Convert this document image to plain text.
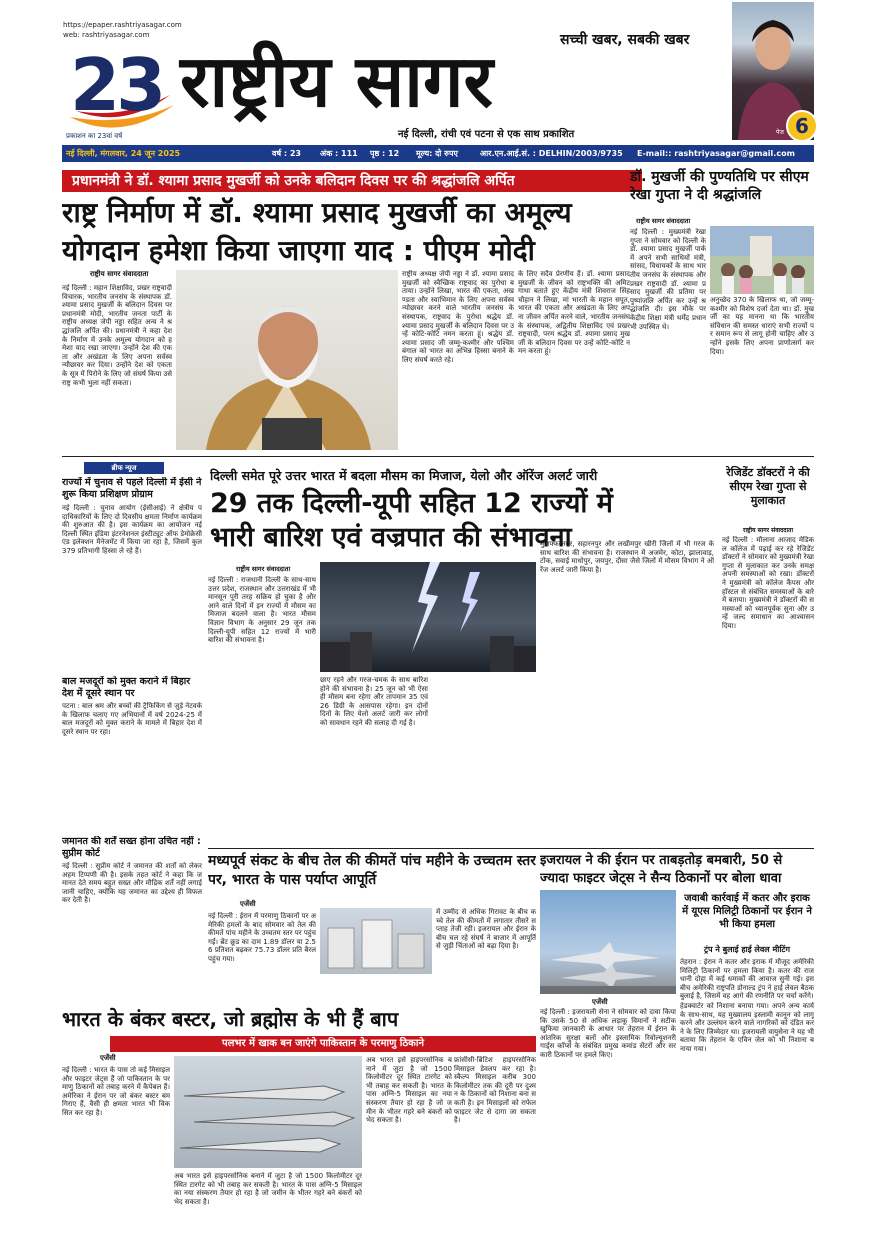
https://epaper.rashtriyasagar.com
web: rashtriyasagar.com
23
प्रकाशन का 23वां वर्ष
सच्ची खबर, सबकी खबर
राष्ट्रीय सागर
नई दिल्ली, रांची एवं पटना से एक साथ प्रकाशित	पेज 6
नई दिल्ली, मंगलवार, 24 जून 2025	वर्ष : 23 अंक : 111 पृष्ठ : 12 मूल्य: दो रुपए	आर.एन.आई.सं. : DELHIN/2003/9735 E-mail:: rashtriyasagar@gmail.com
प्रधानमंत्री ने डॉ. श्यामा प्रसाद मुखर्जी को उनके बलिदान दिवस पर की श्रद्धांजलि अर्पित
राष्ट्र निर्माण में डॉ. श्यामा प्रसाद मुखर्जी का अमूल्य
योगदान हमेशा किया जाएगा याद : पीएम मोदी
राष्ट्रीय सागर संवाददाता
नई दिल्ली : महान शिक्षाविद, प्रखर राष्ट्रवादी विचारक, भारतीय जनसंघ के संस्थापक डॉ. श्यामा प्रसाद मुखर्जी के बलिदान दिवस पर प्रधानमंत्री मोदी, भारतीय जनता पार्टी के राष्ट्रीय अध्यक्ष जेपी नड्डा सहित अन्य ने श्रद्धांजलि अर्पित की। प्रधानमंत्री ने कहा देश के निर्माण में उनके अमूल्य योगदान को हमेशा याद रखा जाएगा। उन्होंने देश की एकता और अखंडता के लिए अपना सर्वस्व न्यौछावर कर दिया। उन्होंने देश को एकता के सूत्र में पिरोने के लिए जो संघर्ष किया उसे राष्ट्र कभी भुला नहीं सकता।
राष्ट्रीय अध्यक्ष जेपी नड्डा ने डॉ. श्यामा प्रसाद मुखर्जी को स्वैच्छिक राष्ट्रवाद का पुरोधा बताया। उन्होंने लिखा, भारत की एकता, अखण्डता और स्वाभिमान के लिए अपना सर्वस्व न्योछावर करने वाले भारतीय जनसंघ के संस्थापक, राष्ट्रवाद के पुरोधा श्रद्धेय डॉ. श्यामा प्रसाद मुखर्जी के बलिदान दिवस पर उन्हें कोटि-कोटि नमन करता हूं। श्रद्धेय डॉ. श्यामा प्रसाद जी जम्मू-कश्मीर और पश्चिम बंगाल को भारत का अभिन्न हिस्सा बनाने के लिए संघर्ष करते रहे।
के लिए सदैव प्रेरणीय हैं। डॉ. श्यामा प्रसाद मुखर्जी के जीवन को राष्ट्रभक्ति की अमिट गाथा बताते हुए केंद्रीय मंत्री शिवराज सिंह चौहान ने लिखा, मां भारती के महान सपूत, भारत की एकता और अखंडता के लिए अपना जीवन अर्पित करने वाले, भारतीय जनसंघ के संस्थापक, अद्वितीय शिक्षाविद एवं प्रखर राष्ट्रवादी, परम श्रद्धेय डॉ. श्यामा प्रसाद मुखर्जी के बलिदान दिवस पर उन्हें कोटि-कोटि नमन करता हूं।
डॉ. मुखर्जी की पुण्यतिथि पर सीएम रेखा गुप्ता ने दी श्रद्धांजलि
राष्ट्रीय सागर संवाददाता
नई दिल्ली : मुख्यमंत्री रेखा गुप्ता ने सोमवार को दिल्ली के डॉ. श्यामा प्रसाद मुखर्जी पार्क में अपने सभी साथियों मंत्री, सांसद, विधायकों के साथ भारतीय जनसंघ के संस्थापक और प्रखर राष्ट्रवादी डॉ. श्यामा प्रसाद मुखर्जी की प्रतिमा पर पुष्पांजलि अर्पित कर उन्हें श्रद्धांजलि दी। इस मौके पर केंद्रीय शिक्षा मंत्री धर्मेंद्र प्रधान भी उपस्थित थे।
अनुच्छेद 370 के खिलाफ था, जो जम्मू-कश्मीर को विशेष दर्जा देता था। डॉ. मुखर्जी का यह मानना था कि भारतीय संविधान की समस्त धाराएं सभी राज्यों पर समान रूप से लागू होनी चाहिए और उन्होंने इसके लिए अपना प्राणोत्सर्ग कर दिया।
ब्रीफ न्यूज
राज्यों में चुनाव से पहले दिल्ली में ईसी ने शुरू किया प्रशिक्षण प्रोग्राम
नई दिल्ली : चुनाव आयोग (ईसीआई) ने क्षेत्रीय पदाधिकारियों के लिए दो दिवसीय क्षमता निर्माण कार्यक्रम की शुरुआत की है। इस कार्यक्रम का आयोजन नई दिल्ली स्थित इंडिया इंटरनेशनल इंस्टीट्यूट ऑफ डेमोक्रेसी एंड इलेक्शन मैनेजमेंट में किया जा रहा है, जिसमें कुल 379 प्रतिभागी हिस्सा ले रहे हैं।
बाल मजदूरों को मुक्त कराने में बिहार देश में दूसरे स्थान पर
पटना : बाल श्रम और बच्चों की ट्रैफिकिंग से जुड़े नेटवर्क के खिलाफ चलाए गए अभियानों में वर्ष 2024-25 में बाल मजदूरों को मुक्त कराने के मामले में बिहार देश में दूसरे स्थान पर रहा।
जमानत की शर्तें सख्त होना उचित नहीं : सुप्रीम कोर्ट
नई दिल्ली : सुप्रीम कोर्ट ने जमानत की शर्तों को लेकर अहम टिप्पणी की है। इसके तहत कोर्ट ने कहा कि जमानत देते समय बहुत सख्त और मौद्रिक शर्तें नहीं लगाई जानी चाहिए, क्योंकि यह जमानत का उद्देश्य ही विफल कर देती है।
दिल्ली समेत पूरे उत्तर भारत में बदला मौसम का मिजाज, येलो और ऑरेंज अलर्ट जारी
29 तक दिल्ली-यूपी सहित 12 राज्यों में
भारी बारिश एवं वज्रपात की संभावना
राष्ट्रीय सागर संवाददाता
नई दिल्ली : राजधानी दिल्ली के साथ-साथ उत्तर प्रदेश, राजस्थान और उत्तराखंड में भी मानसून पूरी तरह सक्रिय हो चुका है और आने वाले दिनों में इन राज्यों में मौसम का मिजाज बदलने वाला है। भारत मौसम विज्ञान विभाग के अनुसार 29 जून तक दिल्ली-यूपी सहित 12 राज्यों में भारी बारिश की संभावना है।
छाए रहने और गरज-चमक के साथ बारिश होने की संभावना है। 25 जून को भी ऐसा ही मौसम बना रहेगा और तापमान 35 एवं 26 डिग्री के आसपास रहेगा। इन दोनों दिनों के लिए येलो अलर्ट जारी कर लोगों को सावधान रहने की सलाह दी गई है।
मुजफ्फरनगर, सहारनपुर और लखीमपुर खीरी जिलों में भी गरज के साथ बारिश की संभावना है। राजस्थान में अजमेर, कोटा, झालावाड़, टोंक, सवाई माधोपुर, जयपुर, दौसा जैसे जिलों में मौसम विभाग ने ऑरेंज अलर्ट जारी किया है।
रेजिडेंट डॉक्टरों ने की सीएम रेखा गुप्ता से मुलाकात
राष्ट्रीय सागर संवाददाता
नई दिल्ली : मौलाना आजाद मेडिकल कॉलेज में पढ़ाई कर रहे रेजिडेंट डॉक्टरों ने सोमवार को मुख्यमंत्री रेखा गुप्ता से मुलाकात कर उनके समक्ष अपनी समस्याओं को रखा। डॉक्टरों ने मुख्यमंत्री को कॉलेज कैंपस और हॉस्टल से संबंधित समस्याओं के बारे में बताया। मुख्यमंत्री ने डॉक्टरों की समस्याओं को ध्यानपूर्वक सुना और उन्हें जल्द समाधान का आश्वासन दिया।
मध्यपूर्व संकट के बीच तेल की कीमतें पांच महीने के उच्चतम स्तर पर, भारत के पास पर्याप्त आपूर्ति
एजेंसी
नई दिल्ली : ईरान में परमाणु ठिकानों पर अमेरिकी हमलों के बाद सोमवार को तेल की कीमतें पांच महीने के उच्चतम स्तर पर पहुंच गईं। ब्रेंट क्रूड का दाम 1.89 डॉलर या 2.56 प्रतिशत बढ़कर 75.73 डॉलर प्रति बैरल पहुंच गया।
में उम्मीद से अधिक गिरावट के बीच कच्चे तेल की कीमतों में लगातार तीसरे सप्ताह तेजी रही। इजरायल और ईरान के बीच चल रहे संघर्ष ने बाजार में आपूर्ति से जुड़ी चिंताओं को बढ़ा दिया है।
इजरायल ने की ईरान पर ताबड़तोड़ बमबारी, 50 से ज्यादा फाइटर जेट्स ने सैन्य ठिकानों पर बोला धावा
जवाबी कार्रवाई में कतर और इराक में यूएस मिलिट्री ठिकानों पर ईरान ने भी किया हमला
ट्रंप ने बुलाई हाई लेवल मीटिंग
तेहरान : ईरान ने कतर और इराक में मौजूद अमेरिकी मिलिट्री ठिकानों पर हमला किया है। कतर की राजधानी दोहा में कई धमाकों की आवाज सुनी गई। इस बीच अमेरिकी राष्ट्रपति डोनाल्ड ट्रंप ने हाई लेवल बैठक बुलाई है, जिसमें वह आगे की रणनीति पर चर्चा करेंगे।
एजेंसी
नई दिल्ली : इजरायली सेना ने सोमवार को दावा किया कि उसके 50 से अधिक लड़ाकू विमानों ने सटीक खुफिया जानकारी के आधार पर तेहरान में ईरान के आंतरिक सुरक्षा बलों और इस्लामिक रिवोल्यूशनरी गार्ड्स कॉर्प्स के संबंधित प्रमुख कमांड सेंटरों और सरकारी ठिकानों पर हमले किए।
हेडक्वार्टर को निशाना बनाया गया। अपने अन्य कार्य के साथ-साथ, यह मुख्यालय इस्लामी कानून को लागू करने और उल्लंघन करने वाले नागरिकों को दंडित करने के लिए जिम्मेदार था। इजरायली वायुसेना ने यह भी बताया कि तेहरान के एविन जेल को भी निशाना बनाया गया।
भारत के बंकर बस्टर, जो ब्रह्मोस के भी हैं बाप
पलभर में खाक बन जाएंगे पाकिस्तान के परमाणु ठिकाने
एजेंसी
नई दिल्ली : भारत के पास तो कई मिसाइल और फाइटर जेट्स हैं जो पाकिस्तान के परमाणु ठिकानों को तबाह करने में कैपेबल हैं। अमेरिका ने ईरान पर जो बंकर बस्टर बम गिराए हैं, वैसी ही क्षमता भारत भी विकसित कर रहा है।
अब भारत इसे हाइपरसोनिक बनाने में जुटा है जो 1500 किलोमीटर दूर स्थित टारगेट को भी तबाह कर सकती है। भारत के पास अग्नि-5 मिसाइल का नया संस्करण तैयार हो रहा है जो जमीन के भीतर गहरे बने बंकरों को भेद सकता है।
फ्रांसीसी-ब्रिटिश हाइपरसोनिक मिसाइल डेवलप कर रहा है। स्कैल्प मिसाइल करीब 300 किलोमीटर तक की दूरी पर दुश्मन के ठिकानों को निशाना बना सकती है। इन मिसाइलों को राफेल फाइटर जेट से दागा जा सकता है।
अब भारत इसे हाइपरसोनिक बनाने में जुटा है जो 1500 किलोमीटर दूर स्थित टारगेट को भी तबाह कर सकती है। भारत के पास अग्नि-5 मिसाइल का नया संस्करण तैयार हो रहा है जो जमीन के भीतर गहरे बने बंकरों को भेद सकता है।
